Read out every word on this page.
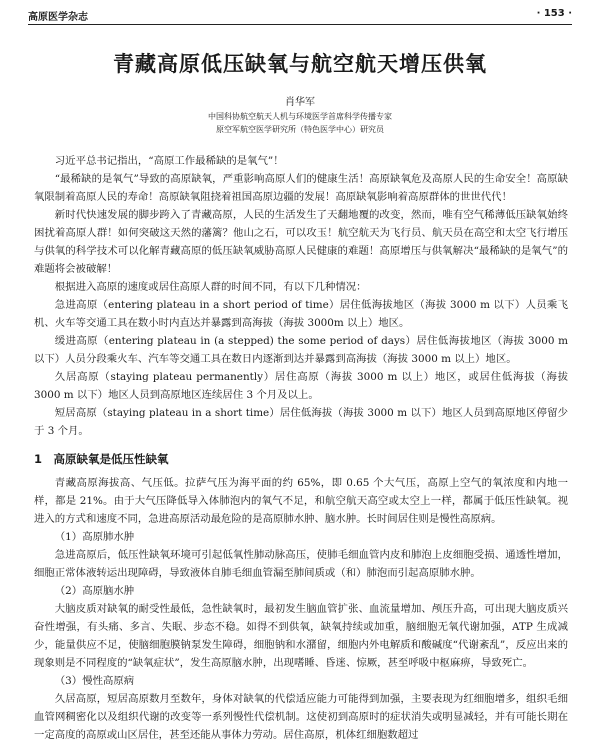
高原医学杂志	· 153 ·
青藏高原低压缺氧与航空航天增压供氧
肖华军
中国科协航空航天人机与环境医学首席科学传播专家
原空军航空医学研究所（特色医学中心）研究员

习近平总书记指出，“高原工作最稀缺的是氧气”！

“最稀缺的是氧气”导致的高原缺氧，严重影响高原人们的健康生活！高原缺氧危及高原人民的生命安全！高原缺氧限制着高原人民的寿命！高原缺氧阻挠着祖国高原边疆的发展！高原缺氧影响着高原群体的世世代代！

新时代快速发展的脚步跨入了青藏高原，人民的生活发生了天翻地覆的改变，然而，唯有空气稀薄低压缺氧始终困扰着高原人群！如何突破这天然的藩篱？他山之石，可以攻玉！航空航天为飞行员、航天员在高空和太空飞行增压与供氧的科学技术可以化解青藏高原的低压缺氧威胁高原人民健康的难题！高原增压与供氧解决“最稀缺的是氧气”的难题将会被破解！

根据进入高原的速度或居住高原人群的时间不同，有以下几种情况：

急进高原（entering plateau in a short period of time）居住低海拔地区（海拔 3000 m 以下）人员乘飞机、火车等交通工具在数小时内直达并暴露到高海拔（海拔 3000m 以上）地区。

缓进高原（entering plateau in (a stepped) the some period of days）居住低海拔地区（海拔 3000 m 以下）人员分段乘火车、汽车等交通工具在数日内逐渐到达并暴露到高海拔（海拔 3000 m 以上）地区。

久居高原（staying plateau permanently）居住高原（海拔 3000 m 以上）地区，或居住低海拔（海拔 3000 m 以下）地区人员到高原地区连续居住 3 个月及以上。

短居高原（staying plateau in a short time）居住低海拔（海拔 3000 m 以下）地区人员到高原地区停留少于 3 个月。

1　高原缺氧是低压性缺氧

青藏高原海拔高、气压低。拉萨气压为海平面的约 65%，即 0.65 个大气压，高原上空气的氧浓度和内地一样，都是 21%。由于大气压降低导入体肺泡内的氧气不足，和航空航天高空或太空上一样，都属于低压性缺氧。视进入的方式和速度不同，急进高原活动最危险的是高原肺水肿、脑水肿。长时间居住则是慢性高原病。

（1）高原肺水肿

急进高原后，低压性缺氧环境可引起低氧性肺动脉高压，使肺毛细血管内皮和肺泡上皮细胞受损、通透性增加，细胞正常体液转运出现障碍，导致液体自肺毛细血管漏至肺间质或（和）肺泡而引起高原肺水肿。

（2）高原脑水肿

大脑皮质对缺氧的耐受性最低，急性缺氧时，最初发生脑血管扩张、血流量增加、颅压升高，可出现大脑皮质兴奋性增强，有头痛、多言、失眠、步态不稳。如得不到供氧，缺氧持续或加重，脑细胞无氧代谢加强，ATP 生成减少，能量供应不足，使脑细胞膜钠泵发生障碍，细胞钠和水潴留，细胞内外电解质和酸碱度“代谢紊乱”，反应出来的现象则是不同程度的“缺氧症状”，发生高原脑水肿，出现嗜睡、昏迷、惊厥，甚至呼吸中枢麻痹，导致死亡。

（3）慢性高原病

久居高原，短居高原数月至数年，身体对缺氧的代偿适应能力可能得到加强，主要表现为红细胞增多，组织毛细血管网稠密化以及组织代谢的改变等一系列慢性代偿机制。这使初到高原时的症状消失或明显减轻，并有可能长期在一定高度的高原或山区居住，甚至还能从事体力劳动。居住高原，机体红细胞数超过
